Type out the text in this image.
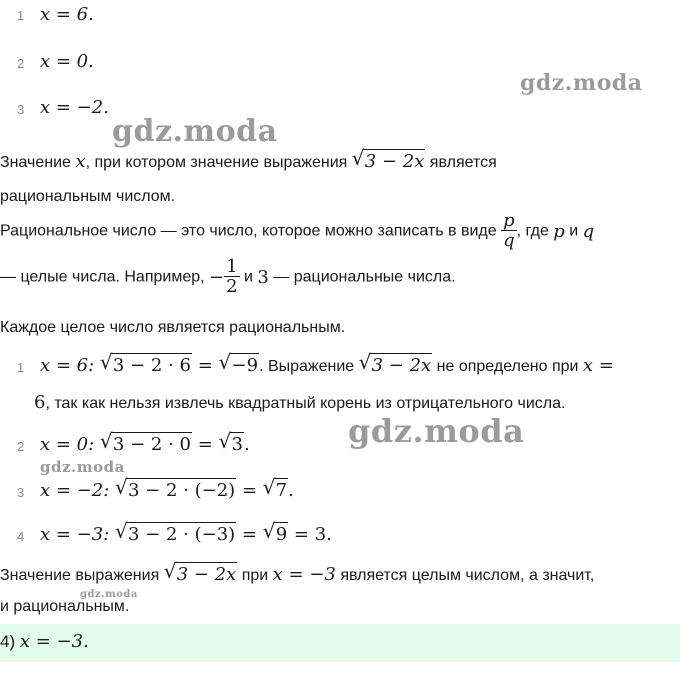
1 x = 6.
2 x = 0.
3 x = −2.
gdz.moda
gdz.moda
gdz.moda
gdz.moda
gdz.moda
Значение x, при котором значение выражения √ 3 − 2x является
рациональным числом.
Рациональное число — это число, которое можно записать в виде $\frac{p}{q}$ , где p и q
— целые числа. Например, − $\frac{1}{2}$ и 3 — рациональные числа.
Каждое целое число является рациональным.
1 x = 6: √ 3 − 2 · 6 = √ −9. Выражение √ 3 − 2x не определено при x =
6, так как нельзя извлечь квадратный корень из отрицательного числа.
2 x = 0: √ 3 − 2 · 0 = √ 3.
3 x = −2: √ 3 − 2 · (−2) = √ 7.
4 x = −3: √ 3 − 2 · (−3) = √ 9 = 3.
Значение выражения √ 3 − 2x при x = −3 является целым числом, а значит,
и рациональным.
4) x = −3.
